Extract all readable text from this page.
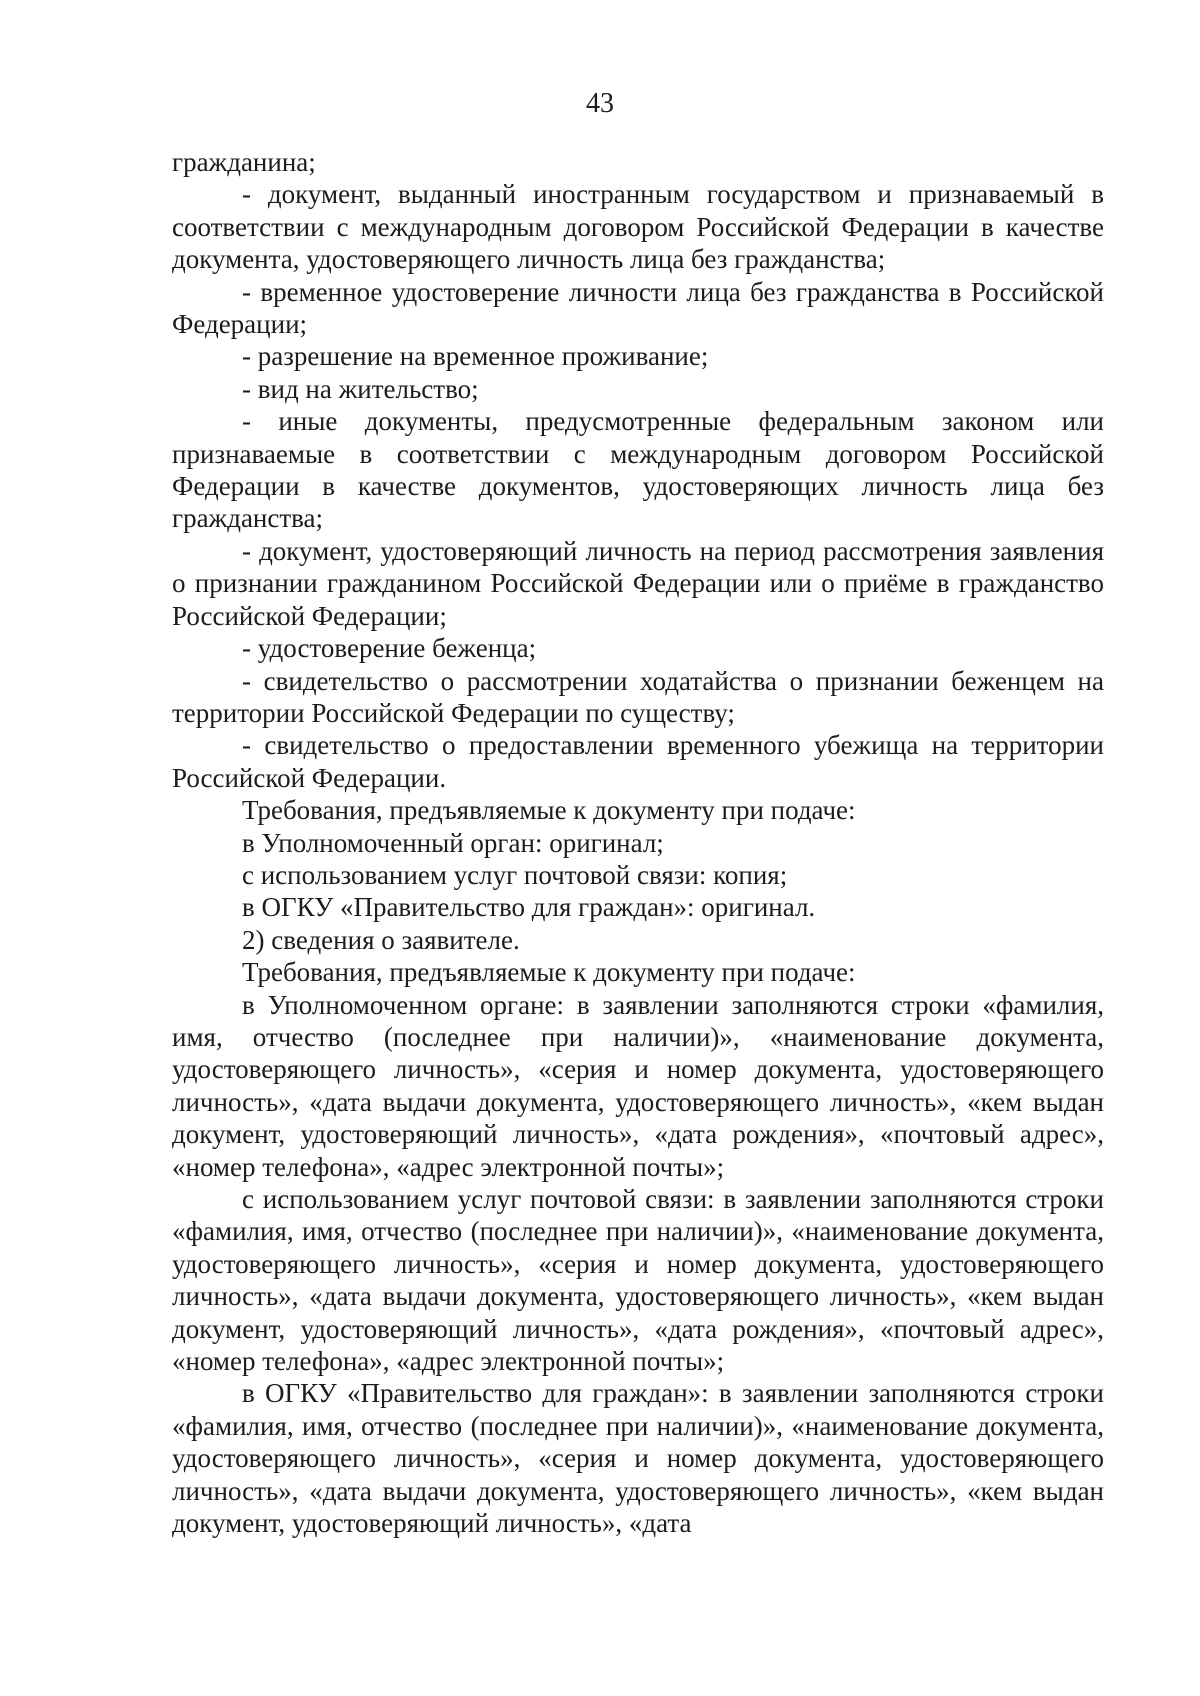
43

гражданина;

- документ, выданный иностранным государством и признаваемый в соответствии с международным договором Российской Федерации в качестве документа, удостоверяющего личность лица без гражданства;

- временное удостоверение личности лица без гражданства в Российской Федерации;

- разрешение на временное проживание;

- вид на жительство;

- иные документы, предусмотренные федеральным законом или признаваемые в соответствии с международным договором Российской Федерации в качестве документов, удостоверяющих личность лица без гражданства;

- документ, удостоверяющий личность на период рассмотрения заявления о признании гражданином Российской Федерации или о приёме в гражданство Российской Федерации;

- удостоверение беженца;

- свидетельство о рассмотрении ходатайства о признании беженцем на территории Российской Федерации по существу;

- свидетельство о предоставлении временного убежища на территории Российской Федерации.

Требования, предъявляемые к документу при подаче:

в Уполномоченный орган: оригинал;

с использованием услуг почтовой связи: копия;

в ОГКУ «Правительство для граждан»: оригинал.

2) сведения о заявителе.

Требования, предъявляемые к документу при подаче:

в Уполномоченном органе: в заявлении заполняются строки «фамилия, имя, отчество (последнее при наличии)», «наименование документа, удостоверяющего личность», «серия и номер документа, удостоверяющего личность», «дата выдачи документа, удостоверяющего личность», «кем выдан документ, удостоверяющий личность», «дата рождения», «почтовый адрес», «номер телефона», «адрес электронной почты»;

с использованием услуг почтовой связи: в заявлении заполняются строки «фамилия, имя, отчество (последнее при наличии)», «наименование документа, удостоверяющего личность», «серия и номер документа, удостоверяющего личность», «дата выдачи документа, удостоверяющего личность», «кем выдан документ, удостоверяющий личность», «дата рождения», «почтовый адрес», «номер телефона», «адрес электронной почты»;

в ОГКУ «Правительство для граждан»: в заявлении заполняются строки «фамилия, имя, отчество (последнее при наличии)», «наименование документа, удостоверяющего личность», «серия и номер документа, удостоверяющего личность», «дата выдачи документа, удостоверяющего личность», «кем выдан документ, удостоверяющий личность», «дата
